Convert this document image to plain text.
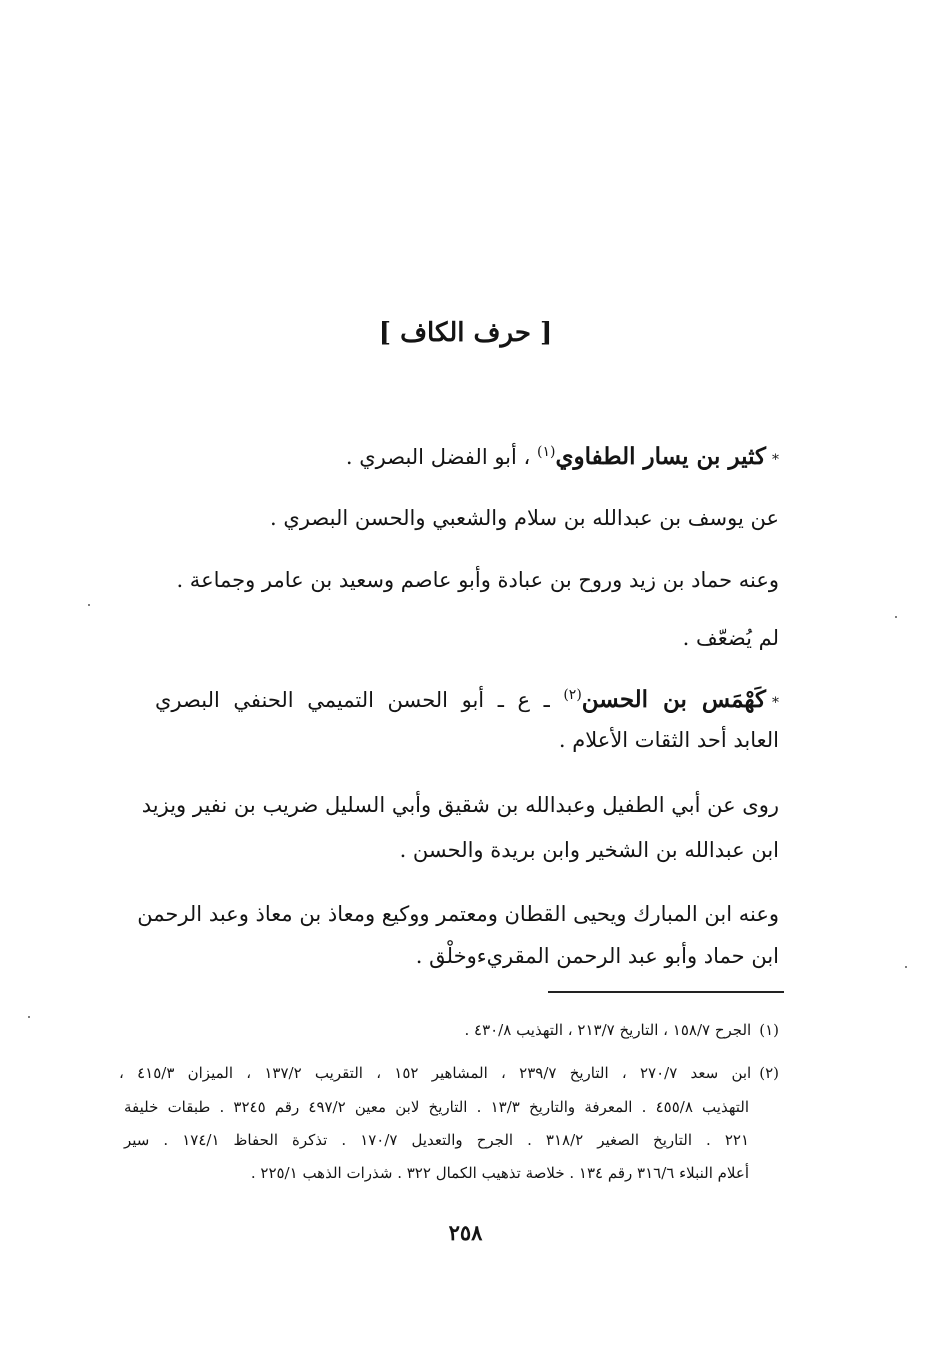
[ حرف الكاف ]
*كثير بن يسار الطفاوي$^{(١)}$ ، أبو الفضل البصري .
عن يوسف بن عبدالله بن سلام والشعبي والحسن البصري .
وعنه حماد بن زيد وروح بن عبادة وأبو عاصم وسعيد بن عامر وجماعة .
لم يُضعّف .
*كَهْمَس بن الحسن$^{(٢)}$ ـ ع ـ أبو الحسن التميمي الحنفي البصري
العابد أحد الثقات الأعلام .
روى عن أبي الطفيل وعبدالله بن شقيق وأبي السليل ضريب بن نفير ويزيد
ابن عبدالله بن الشخير وابن بريدة والحسن .
وعنه ابن المبارك ويحيى القطان ومعتمر ووكيع ومعاذ بن معاذ وعبد الرحمن
ابن حماد وأبو عبد الرحمن المقريءوخلْق .
(١)الجرح ١٥٨/٧ ، التاريخ ٢١٣/٧ ، التهذيب ٤٣٠/٨ .
(٢)ابن سعد ٢٧٠/٧ ، التاريخ ٢٣٩/٧ ، المشاهير ١٥٢ ، التقريب ١٣٧/٢ ، الميزان ٤١٥/٣ ،
التهذيب ٤٥٥/٨ . المعرفة والتاريخ ١٣/٣ . التاريخ لابن معين ٤٩٧/٢ رقم ٣٢٤٥ . طبقات خليفة
٢٢١ . التاريخ الصغير ٣١٨/٢ . الجرح والتعديل ١٧٠/٧ . تذكرة الحفاظ ١٧٤/١ . سير
أعلام النبلاء ٣١٦/٦ رقم ١٣٤ . خلاصة تذهيب الكمال ٣٢٢ . شذرات الذهب ٢٢٥/١ .
٢٥٨
